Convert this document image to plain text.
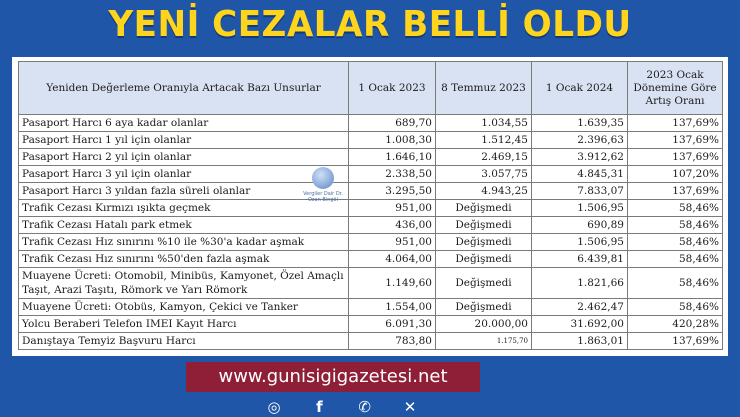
YENİ CEZALAR BELLİ OLDU
Yeniden Değerleme Oranıyla Artacak Bazı Unsurlar	1 Ocak 2023	8 Temmuz 2023	1 Ocak 2024	2023 Ocak Dönemine Göre Artış Oranı
Pasaport Harcı 6 aya kadar olanlar	689,70	1.034,55	1.639,35	137,69%
Pasaport Harcı 1 yıl için olanlar	1.008,30	1.512,45	2.396,63	137,69%
Pasaport Harcı 2 yıl için olanlar	1.646,10	2.469,15	3.912,62	137,69%
Pasaport Harcı 3 yıl için olanlar	2.338,50	3.057,75	4.845,31	107,20%
Pasaport Harcı 3 yıldan fazla süreli olanlar	3.295,50	4.943,25	7.833,07	137,69%
Trafik Cezası Kırmızı ışıkta geçmek	951,00	Değişmedi	1.506,95	58,46%
Trafik Cezası Hatalı park etmek	436,00	Değişmedi	690,89	58,46%
Trafik Cezası Hız sınırını %10 ile %30'a kadar aşmak	951,00	Değişmedi	1.506,95	58,46%
Trafik Cezası Hız sınırını %50'den fazla aşmak	4.064,00	Değişmedi	6.439,81	58,46%
Muayene Ücreti: Otomobil, Minibüs, Kamyonet, Özel Amaçlı Taşıt, Arazi Taşıtı, Römork ve Yarı Römork	1.149,60	Değişmedi	1.821,66	58,46%
Muayene Ücreti: Otobüs, Kamyon, Çekici ve Tanker	1.554,00	Değişmedi	2.462,47	58,46%
Yolcu Beraberi Telefon IMEI Kayıt Harcı	6.091,30	20.000,00	31.692,00	420,28%
Danıştaya Temyiz Başvuru Harcı	783,80	1.175,70	1.863,01	137,69%
Vergiler Dair Dr. Ozan Bingöl
www.gunisigigazetesi.net
◎	f	✆	✕
